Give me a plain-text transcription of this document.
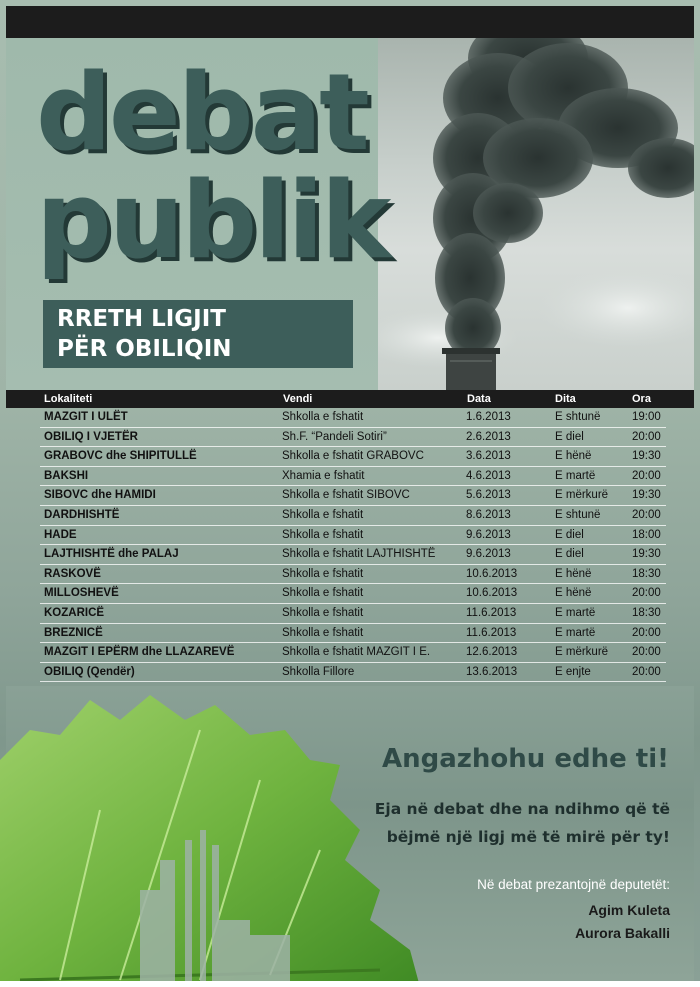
debat
publik
RRETH LIGJIT
PËR OBILIQIN
Lokaliteti	Vendi	Data	Dita	Ora
MAZGIT I ULËT	Shkolla e fshatit	1.6.2013	E shtunë	19:00
OBILIQ I VJETËR	Sh.F. “Pandeli Sotiri”	2.6.2013	E diel	20:00
GRABOVC dhe SHIPITULLË	Shkolla e fshatit GRABOVC	3.6.2013	E hënë	19:30
BAKSHI	Xhamia e fshatit	4.6.2013	E martë	20:00
SIBOVC dhe HAMIDI	Shkolla e fshatit SIBOVC	5.6.2013	E mërkurë 19:30
DARDHISHTË	Shkolla e fshatit	8.6.2013	E shtunë	20:00
HADE	Shkolla e fshatit	9.6.2013	E diel	18:00
LAJTHISHTË dhe PALAJ	Shkolla e fshatit LAJTHISHTË	9.6.2013	E diel	19:30
RASKOVË	Shkolla e fshatit	10.6.2013	E hënë	18:30
MILLOSHEVË	Shkolla e fshatit	10.6.2013	E hënë	20:00
KOZARICË	Shkolla e fshatit	11.6.2013	E martë	18:30
BREZNICË	Shkolla e fshatit	11.6.2013	E martë	20:00
MAZGIT I EPËRM dhe LLAZAREVË	Shkolla e fshatit MAZGIT I E.	12.6.2013	E mërkurë 20:00
OBILIQ (Qendër)	Shkolla Fillore	13.6.2013	E enjte	20:00
Angazhohu edhe ti!
Eja në debat dhe na ndihmo që të
bëjmë një ligj më të mirë për ty!
Në debat prezantojnë deputetët:
Agim Kuleta
Aurora Bakalli
